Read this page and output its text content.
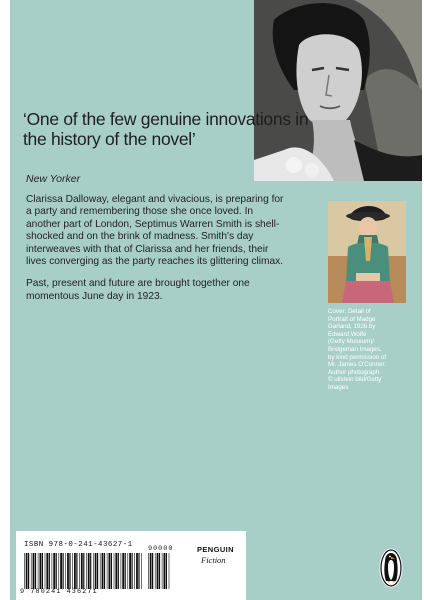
‘One of the few genuine innovations in the history of the novel’
New Yorker

Clarissa Dalloway, elegant and vivacious, is preparing for a party and remembering those she once loved. In another part of London, Septimus Warren Smith is shell-shocked and on the brink of madness. Smith's day interweaves with that of Clarissa and her friends, their lives converging as the party reaches its glittering climax.

Past, present and future are brought together one momentous June day in 1923.

Cover: Detail of
Portrait of Madge
Garland, 1926 by
Edward Wolfe
(Getty Museum)/
Bridgeman Images,
by kind permission of
Mr. James O'Conner.
Author photograph
© ullstein bild/Getty
Images
ISBN 978-0-241-43627-1
9 780241 436271
90000	PENGUIN
Fiction
